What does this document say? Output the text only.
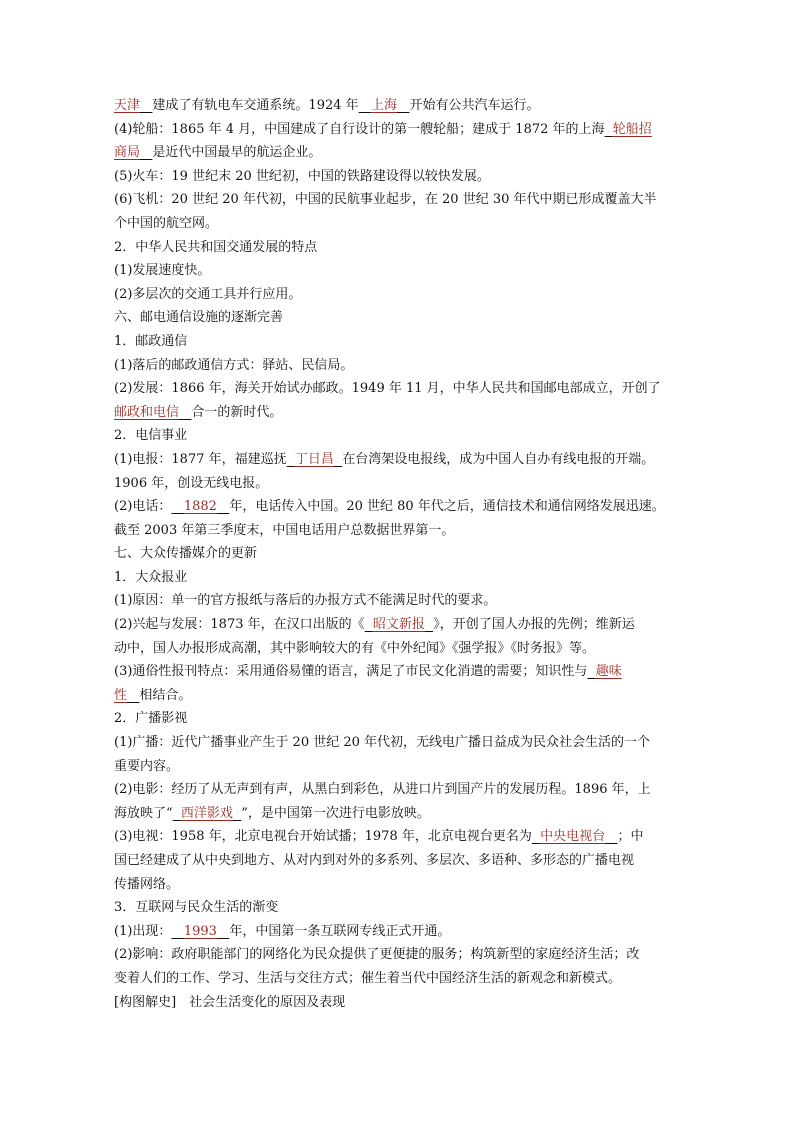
天津 建成了有轨电车交通系统。1924 年 上海 开始有公共汽车运行。
(4)轮船：1865 年 4 月，中国建成了自行设计的第一艘轮船；建成于 1872 年的上海 轮船招
商局 是近代中国最早的航运企业。
(5)火车：19 世纪末 20 世纪初，中国的铁路建设得以较快发展。
(6)飞机：20 世纪 20 年代初，中国的民航事业起步，在 20 世纪 30 年代中期已形成覆盖大半
个中国的航空网。
2．中华人民共和国交通发展的特点
(1)发展速度快。
(2)多层次的交通工具并行应用。
六、邮电通信设施的逐渐完善
1．邮政通信
(1)落后的邮政通信方式：驿站、民信局。
(2)发展：1866 年，海关开始试办邮政。1949 年 11 月，中华人民共和国邮电部成立，开创了
邮政和电信 合一的新时代。
2．电信事业
(1)电报：1877 年，福建巡抚 丁日昌 在台湾架设电报线，成为中国人自办有线电报的开端。
1906 年，创设无线电报。
(2)电话： 1882 年，电话传入中国。20 世纪 80 年代之后，通信技术和通信网络发展迅速。
截至 2003 年第三季度末，中国电话用户总数据世界第一。
七、大众传播媒介的更新
1．大众报业
(1)原因：单一的官方报纸与落后的办报方式不能满足时代的要求。
(2)兴起与发展：1873 年，在汉口出版的《 昭文新报 》，开创了国人办报的先例；维新运
动中，国人办报形成高潮，其中影响较大的有《中外纪闻》《强学报》《时务报》等。
(3)通俗性报刊特点：采用通俗易懂的语言，满足了市民文化消遣的需要；知识性与 趣味
性 相结合。
2．广播影视
(1)广播：近代广播事业产生于 20 世纪 20 年代初，无线电广播日益成为民众社会生活的一个
重要内容。
(2)电影：经历了从无声到有声，从黑白到彩色，从进口片到国产片的发展历程。1896 年，上
海放映了“ 西洋影戏 ”，是中国第一次进行电影放映。
(3)电视：1958 年，北京电视台开始试播；1978 年，北京电视台更名为 中央电视台 ；中
国已经建成了从中央到地方、从对内到对外的多系列、多层次、多语种、多形态的广播电视
传播网络。
3．互联网与民众生活的渐变
(1)出现： 1993 年，中国第一条互联网专线正式开通。
(2)影响：政府职能部门的网络化为民众提供了更便捷的服务；构筑新型的家庭经济生活；改
变着人们的工作、学习、生活与交往方式；催生着当代中国经济生活的新观念和新模式。
[构图解史]　社会生活变化的原因及表现
